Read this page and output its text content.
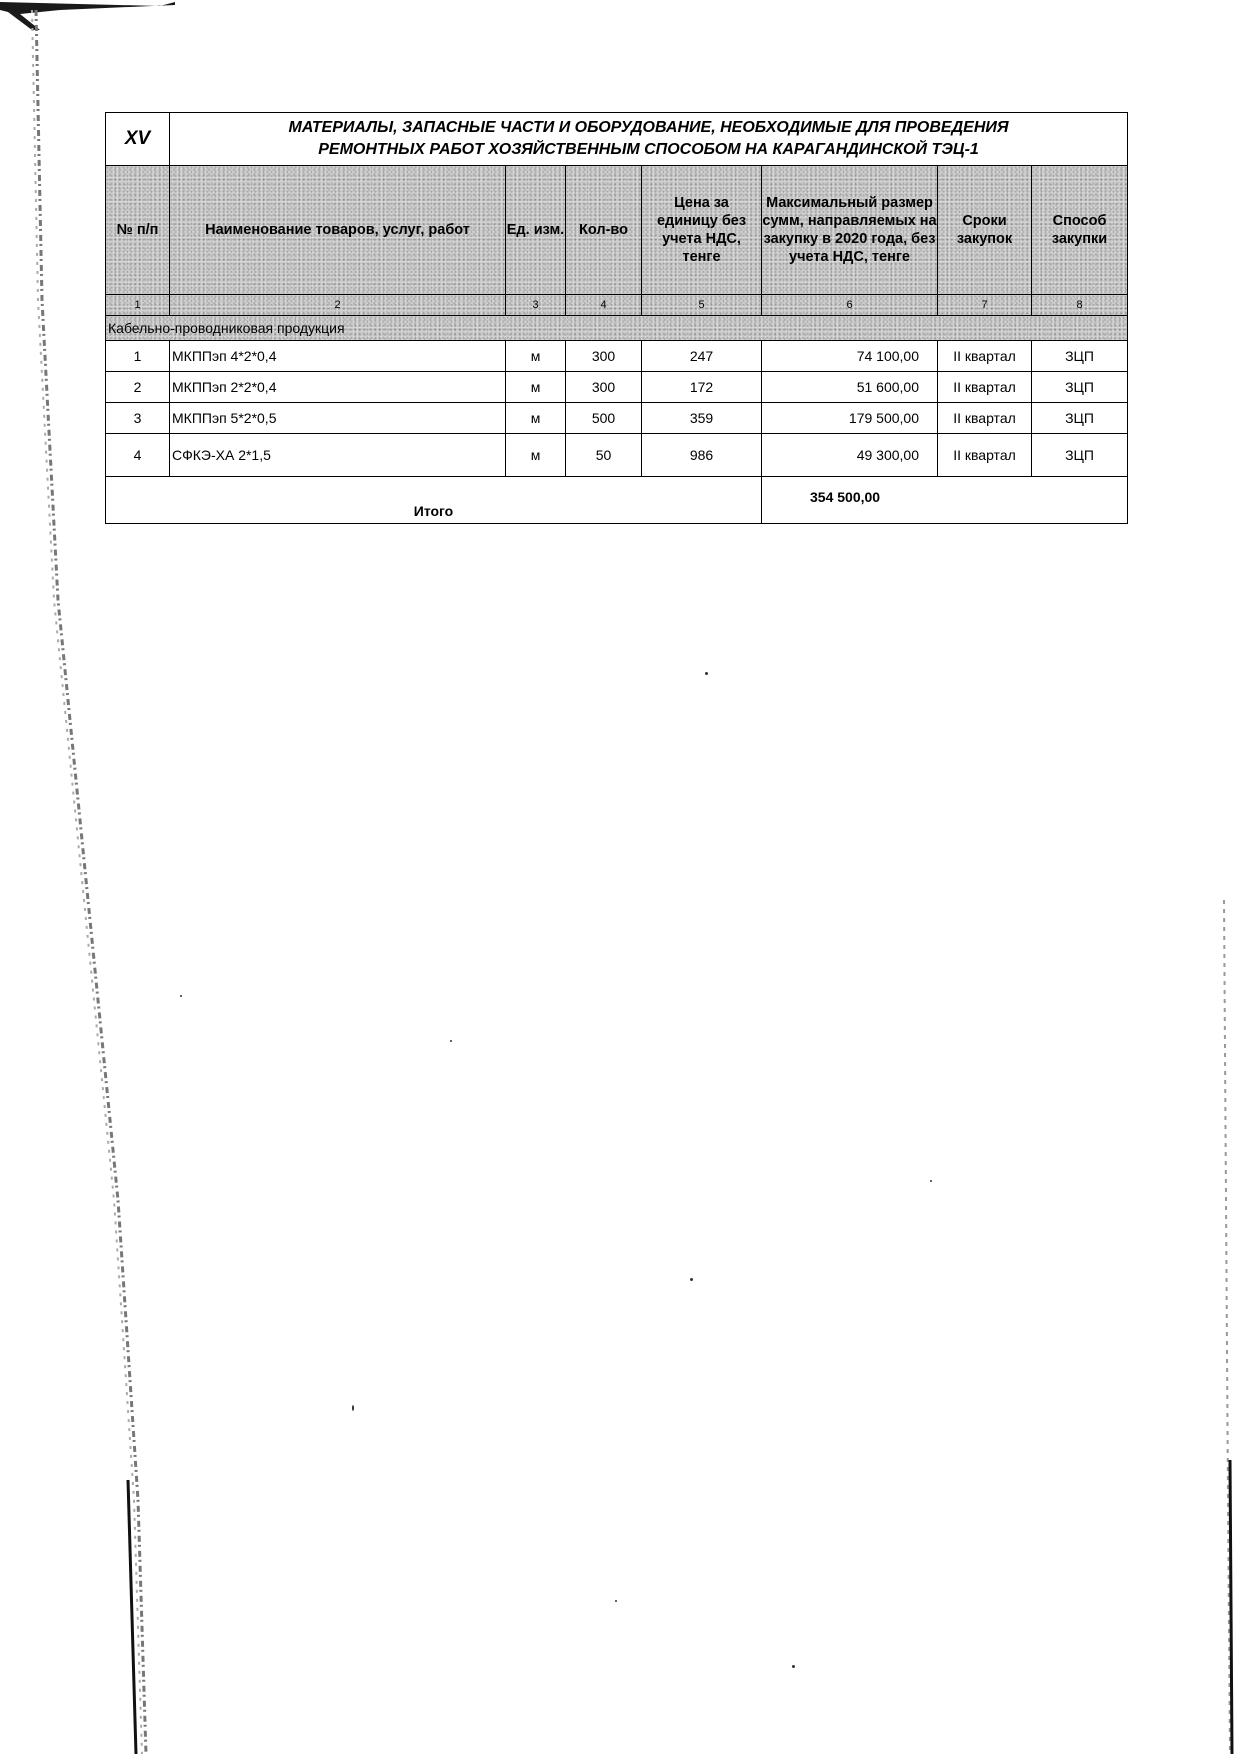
XV	МАТЕРИАЛЫ, ЗАПАСНЫЕ ЧАСТИ И ОБОРУДОВАНИЕ, НЕОБХОДИМЫЕ ДЛЯ ПРОВЕДЕНИЯ
РЕМОНТНЫХ РАБОТ ХОЗЯЙСТВЕННЫМ СПОСОБОМ НА КАРАГАНДИНСКОЙ ТЭЦ-1						

№ п/п	Наименование товаров, услуг, работ	Ед. изм.	Кол-во	Цена за единицу без учета НДС, тенге	Максимальный размер сумм, направляемых на закупку в 2020 года, без учета НДС, тенге	Сроки закупок	Способ закупки
1	2	3	4	5	6	7	8
Кабельно-проводниковая продукция							
1	МКППэп 4*2*0,4	м	300	247	74 100,00	II квартал	ЗЦП
2	МКППэп 2*2*0,4	м	300	172	51 600,00	II квартал	ЗЦП
3	МКППэп 5*2*0,5	м	500	359	179 500,00	II квартал	ЗЦП
4	СФКЭ-ХА 2*1,5	м	50	986	49 300,00	II квартал	ЗЦП
Итого					354 500,00		
